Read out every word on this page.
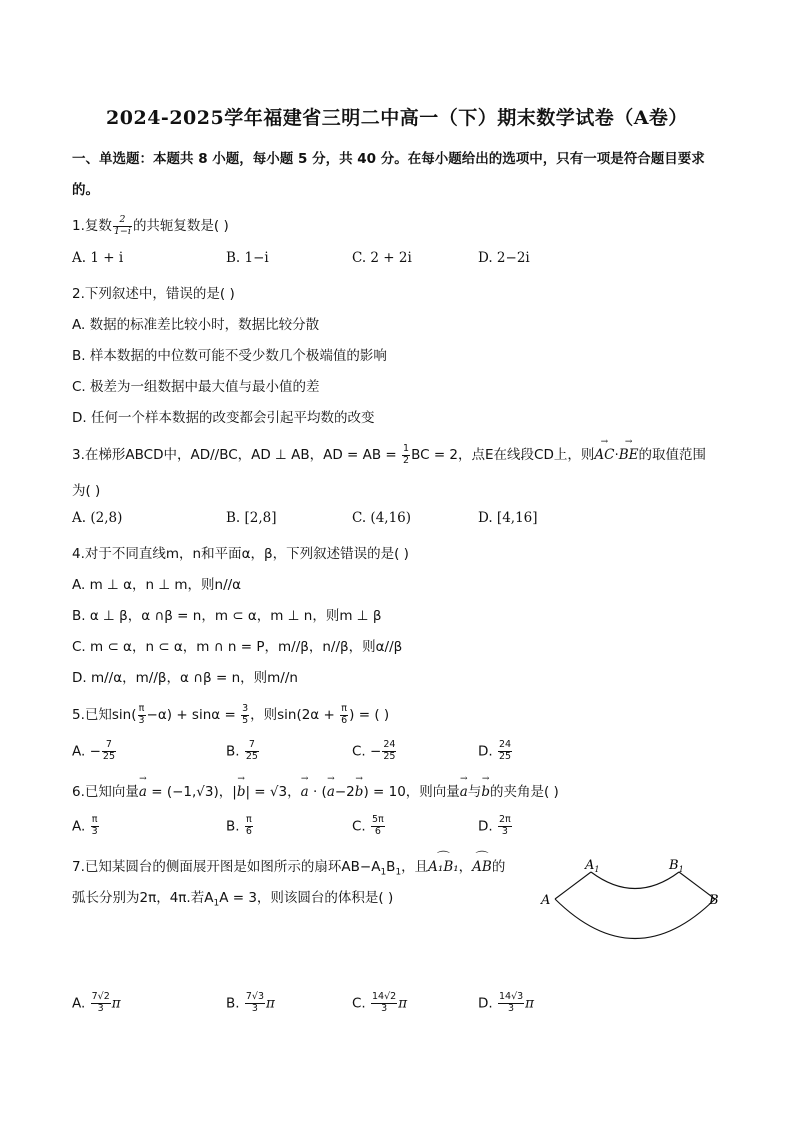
2024-2025学年福建省三明二中高一（下）期末数学试卷（A卷）
一、单选题：本题共 8 小题，每小题 5 分，共 40 分。在每小题给出的选项中，只有一项是符合题目要求
的。
1.复数 $\frac{2}{1-i}$ 的共轭复数是( )
A. 1 + i	B. 1−i	C. 2 + 2i	D. 2−2i
2.下列叙述中，错误的是( )
A. 数据的标准差比较小时，数据比较分散
B. 样本数据的中位数可能不受少数几个极端值的影响
C. 极差为一组数据中最大值与最小值的差
D. 任何一个样本数据的改变都会引起平均数的改变
3.在梯形ABCD中，AD//BC，AD ⊥ AB，AD = AB = $\frac{1}{2}$ BC = 2，点E在线段CD上，则→ AC·→ BE的取值范围
为( )
A. (2,8)	B. [2,8]	C. (4,16)	D. [4,16]
4.对于不同直线m，n和平面α，β，下列叙述错误的是( )
A. m ⊥ α，n ⊥ m，则n//α
B. α ⊥ β，α ∩β = n，m ⊂ α，m ⊥ n，则m ⊥ β
C. m ⊂ α，n ⊂ α，m ∩ n = P，m//β，n//β，则α//β
D. m//α，m//β，α ∩β = n，则m//n
5.已知$\sin( \frac{\pi}{3} -\alpha) + \sin\alpha = \frac{3}{5}$ ，则$\sin(2\alpha + \frac{\pi}{6}$ ) = ( )
A. − $\frac{7}{25}$	B. $\frac{7}{25}$	C. − $\frac{24}{25}$	D. $\frac{24}{25}$
6.已知向量→ a = (−1,√3)，|→ b| = √3，→ a · (→ a−2→ b) = 10，则向量→ a与→ b的夹角是( )
A. $\frac{\pi}{3}$	B. $\frac{\pi}{6}$	C. $\frac{5\pi}{6}$	D. $\frac{2\pi}{3}$
7.已知某圆台的侧面展开图是如图所示的扇环$AB-A_1B_1$，且⌒ A₁B₁，⌒ AB的
弧长分别为2π，4π.若$A_1A = 3$，则该圆台的体积是( )
$A_1$	$B_1$
A	B
A. $\frac{7√2}{3}$ π	B. $\frac{7√3}{3}$ π	C. $\frac{14√2}{3}$ π	D. $\frac{14√3}{3}$ π
